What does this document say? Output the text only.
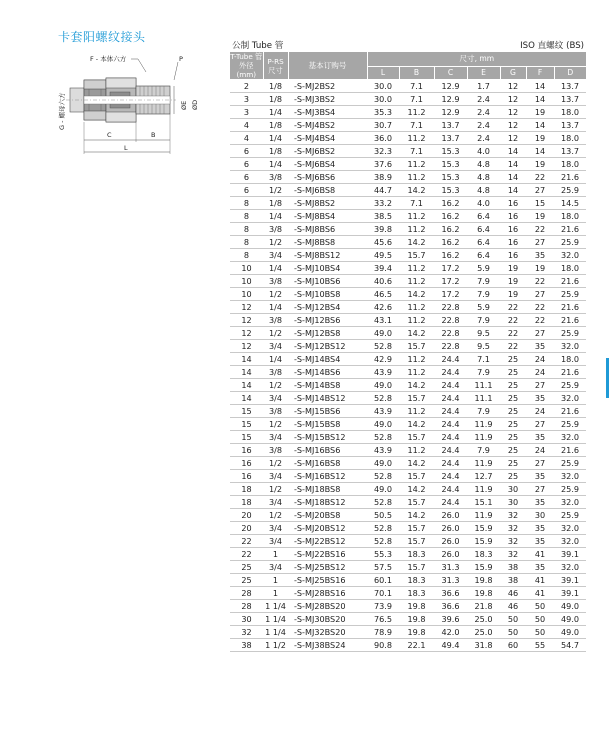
卡套阳螺纹接头
F - 本体六方	P
G - 螺母六方	ØE ØD
C	B
L
公制 Tube 管	ISO 直螺纹 (BS)
T-Tube 管外径 (mm)	P-RS 尺寸	基本订购号	尺寸, mm						
			L	B	C	E	G	F	D
2	1/8	-S-MJ2BS2	30.0	7.1	12.9	1.7	12	14	13.7
3	1/8	-S-MJ3BS2	30.0	7.1	12.9	2.4	12	14	13.7
3	1/4	-S-MJ3BS4	35.3	11.2	12.9	2.4	12	19	18.0
4	1/8	-S-MJ4BS2	30.7	7.1	13.7	2.4	12	14	13.7
4	1/4	-S-MJ4BS4	36.0	11.2	13.7	2.4	12	19	18.0
6	1/8	-S-MJ6BS2	32.3	7.1	15.3	4.0	14	14	13.7
6	1/4	-S-MJ6BS4	37.6	11.2	15.3	4.8	14	19	18.0
6	3/8	-S-MJ6BS6	38.9	11.2	15.3	4.8	14	22	21.6
6	1/2	-S-MJ6BS8	44.7	14.2	15.3	4.8	14	27	25.9
8	1/8	-S-MJ8BS2	33.2	7.1	16.2	4.0	16	15	14.5
8	1/4	-S-MJ8BS4	38.5	11.2	16.2	6.4	16	19	18.0
8	3/8	-S-MJ8BS6	39.8	11.2	16.2	6.4	16	22	21.6
8	1/2	-S-MJ8BS8	45.6	14.2	16.2	6.4	16	27	25.9
8	3/4	-S-MJ8BS12	49.5	15.7	16.2	6.4	16	35	32.0
10	1/4	-S-MJ10BS4	39.4	11.2	17.2	5.9	19	19	18.0
10	3/8	-S-MJ10BS6	40.6	11.2	17.2	7.9	19	22	21.6
10	1/2	-S-MJ10BS8	46.5	14.2	17.2	7.9	19	27	25.9
12	1/4	-S-MJ12BS4	42.6	11.2	22.8	5.9	22	22	21.6
12	3/8	-S-MJ12BS6	43.1	11.2	22.8	7.9	22	22	21.6
12	1/2	-S-MJ12BS8	49.0	14.2	22.8	9.5	22	27	25.9
12	3/4	-S-MJ12BS12	52.8	15.7	22.8	9.5	22	35	32.0
14	1/4	-S-MJ14BS4	42.9	11.2	24.4	7.1	25	24	18.0
14	3/8	-S-MJ14BS6	43.9	11.2	24.4	7.9	25	24	21.6
14	1/2	-S-MJ14BS8	49.0	14.2	24.4	11.1	25	27	25.9
14	3/4	-S-MJ14BS12	52.8	15.7	24.4	11.1	25	35	32.0
15	3/8	-S-MJ15BS6	43.9	11.2	24.4	7.9	25	24	21.6
15	1/2	-S-MJ15BS8	49.0	14.2	24.4	11.9	25	27	25.9
15	3/4	-S-MJ15BS12	52.8	15.7	24.4	11.9	25	35	32.0
16	3/8	-S-MJ16BS6	43.9	11.2	24.4	7.9	25	24	21.6
16	1/2	-S-MJ16BS8	49.0	14.2	24.4	11.9	25	27	25.9
16	3/4	-S-MJ16BS12	52.8	15.7	24.4	12.7	25	35	32.0
18	1/2	-S-MJ18BS8	49.0	14.2	24.4	11.9	30	27	25.9
18	3/4	-S-MJ18BS12	52.8	15.7	24.4	15.1	30	35	32.0
20	1/2	-S-MJ20BS8	50.5	14.2	26.0	11.9	32	30	25.9
20	3/4	-S-MJ20BS12	52.8	15.7	26.0	15.9	32	35	32.0
22	3/4	-S-MJ22BS12	52.8	15.7	26.0	15.9	32	35	32.0
22	1	-S-MJ22BS16	55.3	18.3	26.0	18.3	32	41	39.1
25	3/4	-S-MJ25BS12	57.5	15.7	31.3	15.9	38	35	32.0
25	1	-S-MJ25BS16	60.1	18.3	31.3	19.8	38	41	39.1
28	1	-S-MJ28BS16	70.1	18.3	36.6	19.8	46	41	39.1
28	1 1/4	-S-MJ28BS20	73.9	19.8	36.6	21.8	46	50	49.0
30	1 1/4	-S-MJ30BS20	76.5	19.8	39.6	25.0	50	50	49.0
32	1 1/4	-S-MJ32BS20	78.9	19.8	42.0	25.0	50	50	49.0
38	1 1/2	-S-MJ38BS24	90.8	22.1	49.4	31.8	60	55	54.7
